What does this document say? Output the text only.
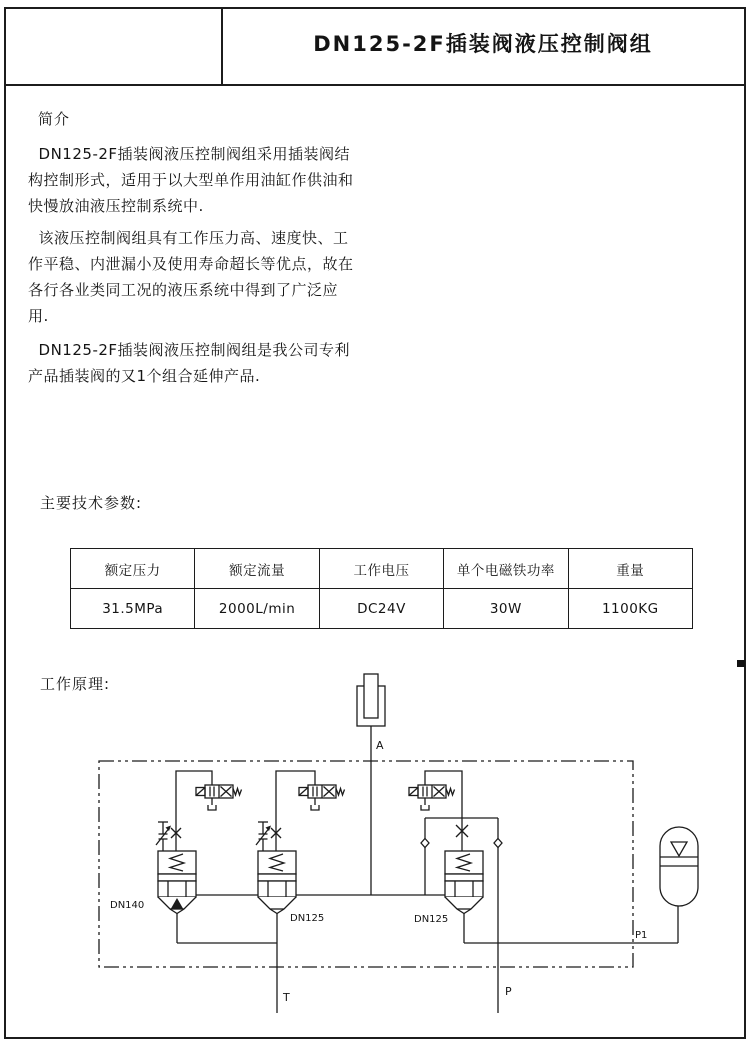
DN125-2F插装阀液压控制阀组
简介
DN125-2F插装阀液压控制阀组采用插装阀结
构控制形式，适用于以大型单作用油缸作供油和
快慢放油液压控制系统中.
该液压控制阀组具有工作压力高、速度快、工
作平稳、内泄漏小及使用寿命超长等优点，故在
各行各业类同工况的液压系统中得到了广泛应
用.
DN125-2F插装阀液压控制阀组是我公司专利
产品插装阀的又1个组合延伸产品.
主要技术参数:
额定压力	额定流量	工作电压	单个电磁铁功率	重量
31.5MPa	2000L/min	DC24V	30W	1100KG
工作原理:
A
DN140
DN125	DN125
T	P
P1
